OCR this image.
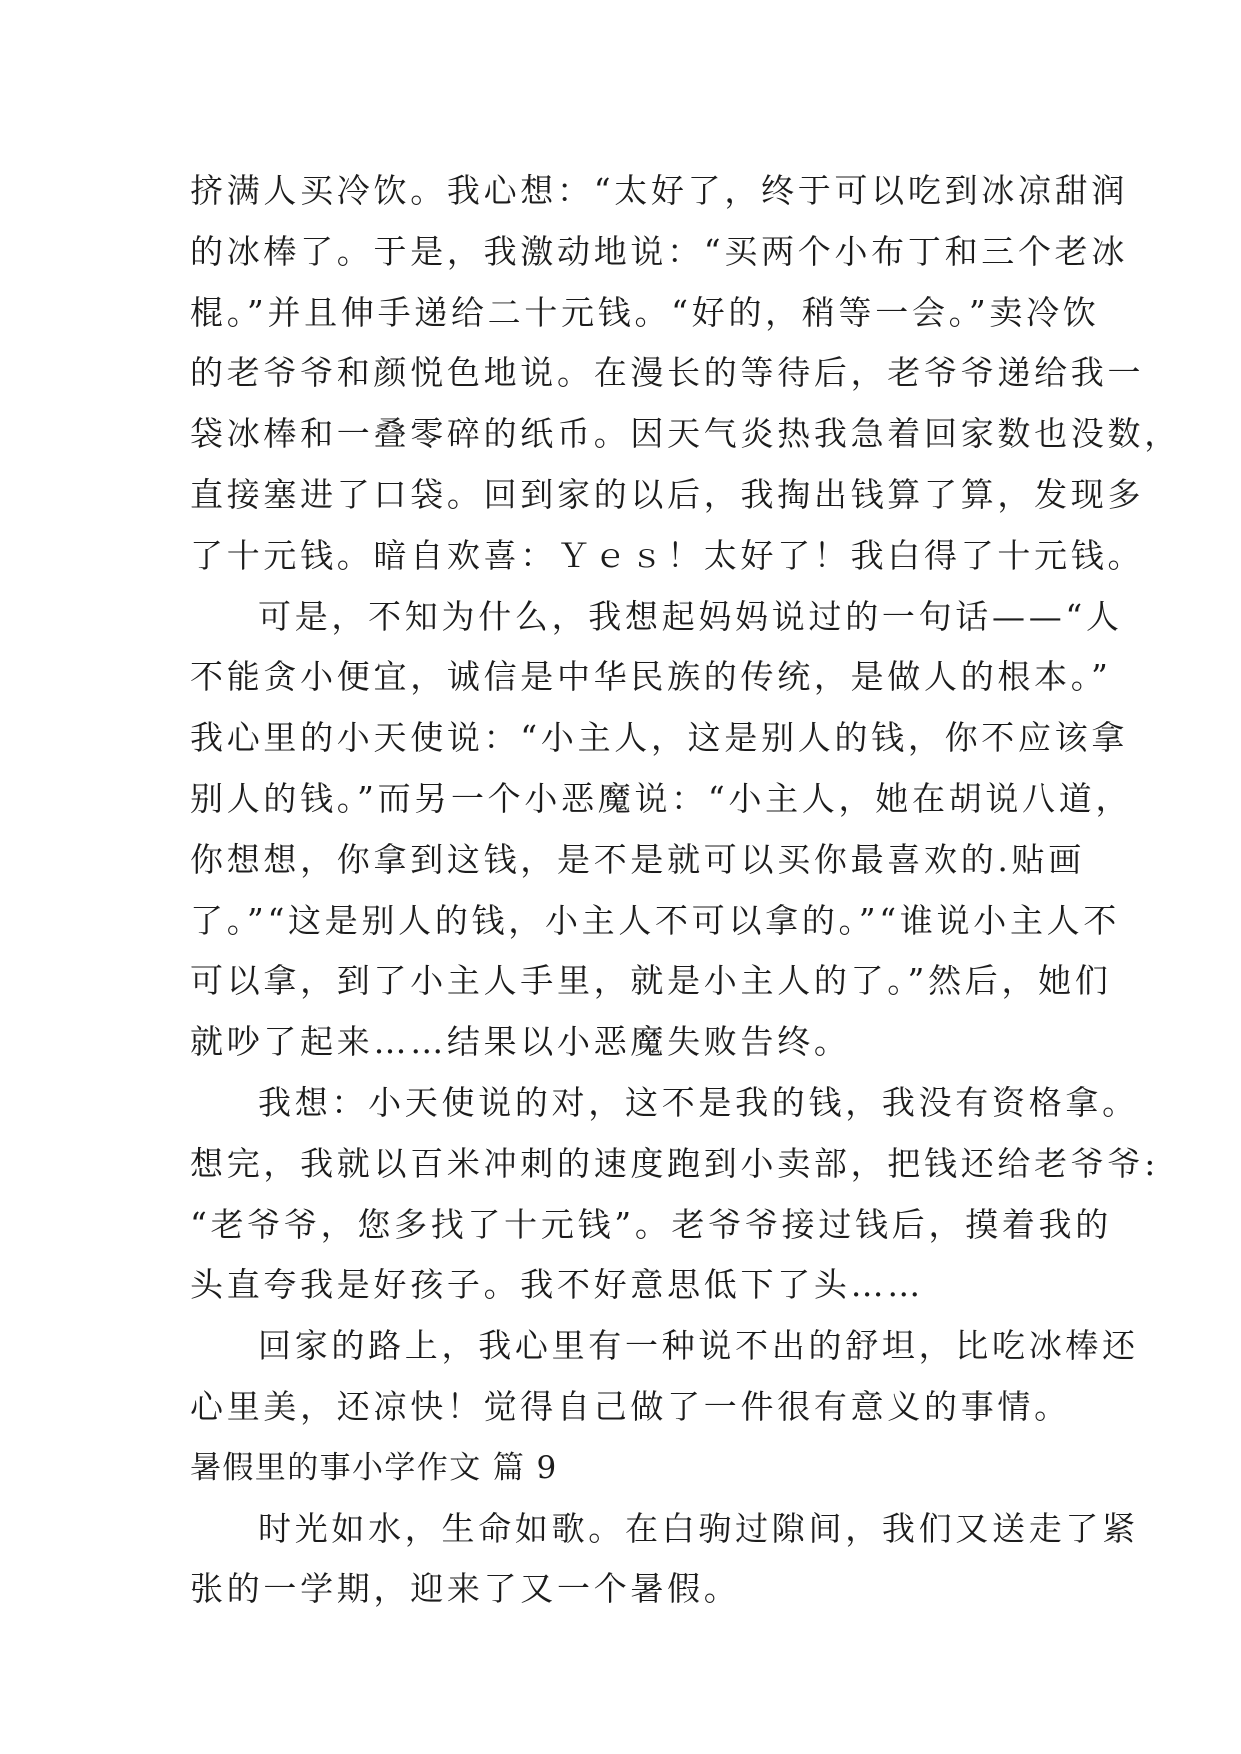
挤满人买冷饮。我心想：“太好了，终于可以吃到冰凉甜润
的冰棒了。于是，我激动地说：“买两个小布丁和三个老冰
棍。”并且伸手递给二十元钱。“好的，稍等一会。”卖冷饮
的老爷爷和颜悦色地说。在漫长的等待后，老爷爷递给我一
袋冰棒和一叠零碎的纸币。因天气炎热我急着回家数也没数，
直接塞进了口袋。回到家的以后，我掏出钱算了算，发现多
了十元钱。暗自欢喜：Ｙｅｓ！太好了！我白得了十元钱。
可是，不知为什么，我想起妈妈说过的一句话——“人
不能贪小便宜，诚信是中华民族的传统，是做人的根本。”
我心里的小天使说：“小主人，这是别人的钱，你不应该拿
别人的钱。”而另一个小恶魔说：“小主人，她在胡说八道，
你想想，你拿到这钱，是不是就可以买你最喜欢的.贴画
了。”“这是别人的钱，小主人不可以拿的。”“谁说小主人不
可以拿，到了小主人手里，就是小主人的了。”然后，她们
就吵了起来……结果以小恶魔失败告终。
我想：小天使说的对，这不是我的钱，我没有资格拿。
想完，我就以百米冲刺的速度跑到小卖部，把钱还给老爷爷:
“老爷爷，您多找了十元钱”。老爷爷接过钱后，摸着我的
头直夸我是好孩子。我不好意思低下了头……
回家的路上，我心里有一种说不出的舒坦，比吃冰棒还
心里美，还凉快！觉得自己做了一件很有意义的事情。
暑假里的事小学作文 篇 9
时光如水，生命如歌。在白驹过隙间，我们又送走了紧
张的一学期，迎来了又一个暑假。
